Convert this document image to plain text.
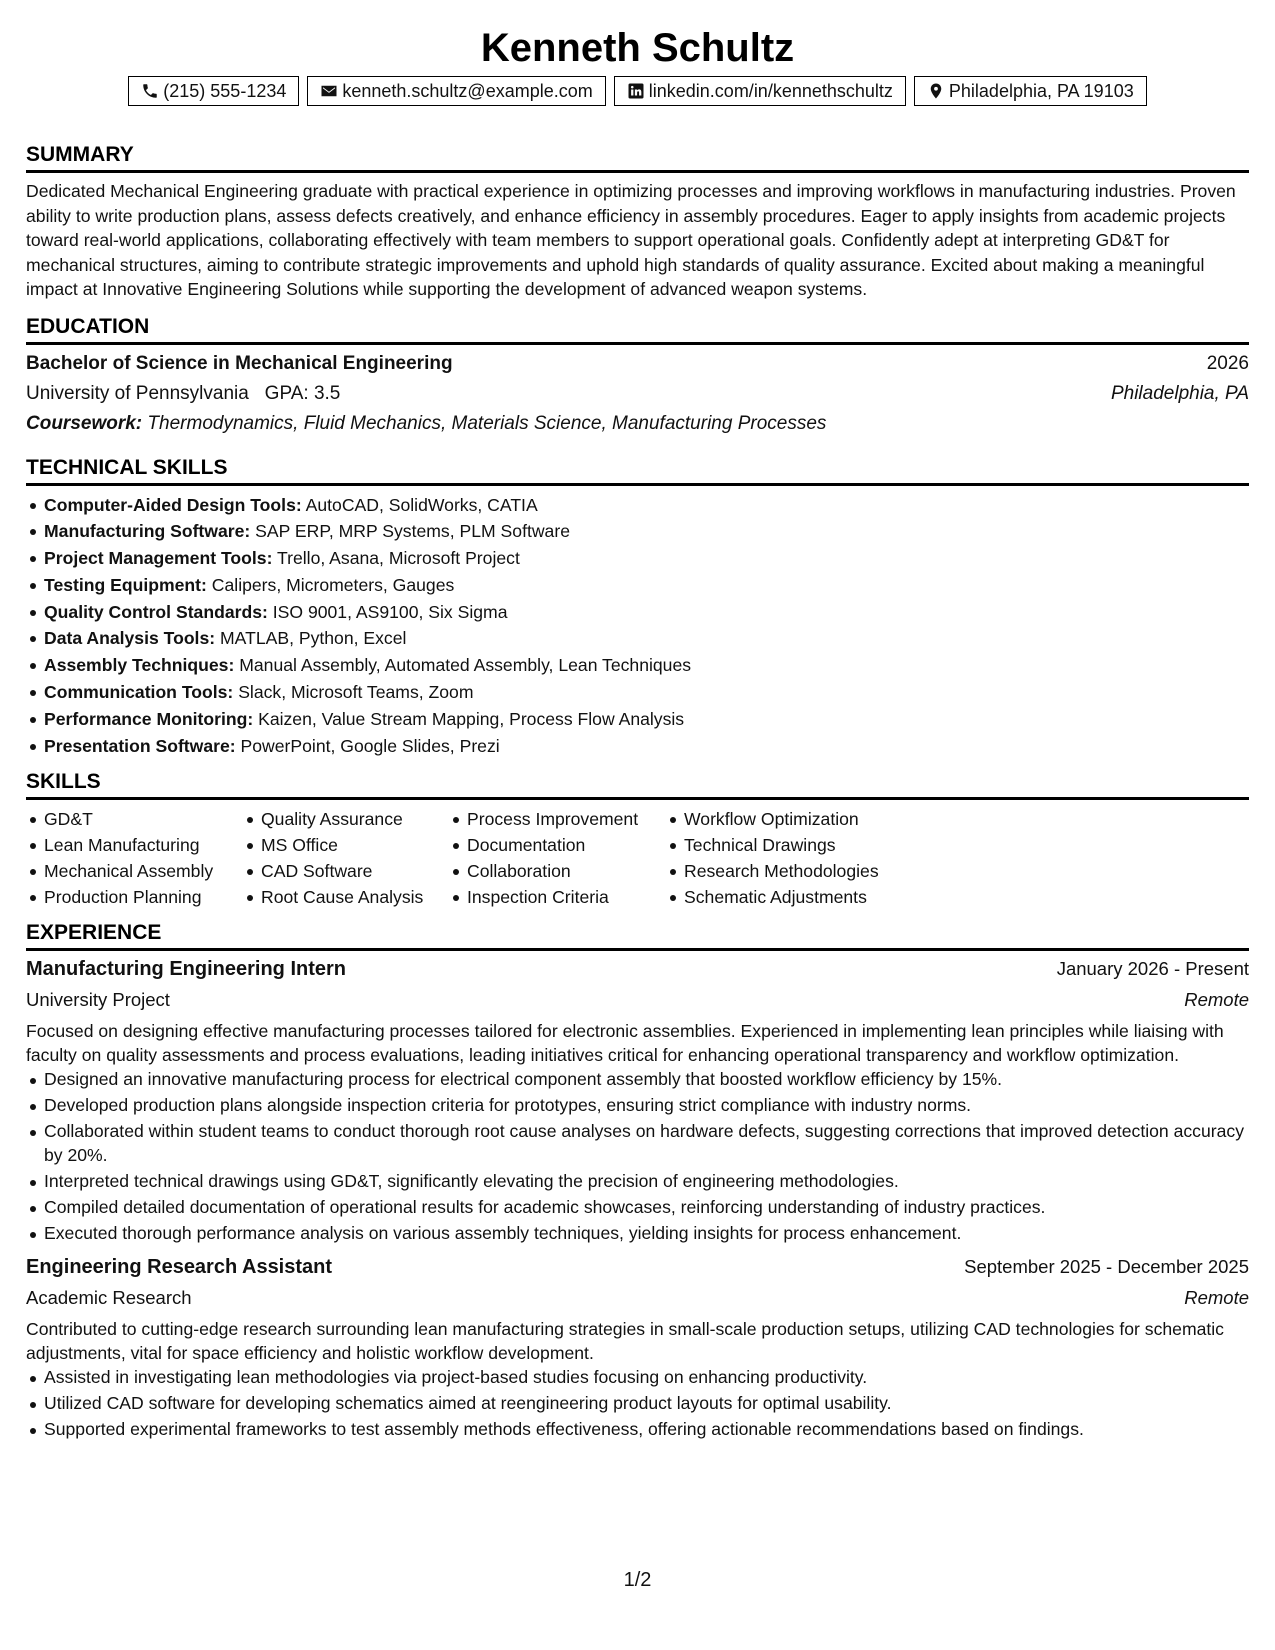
Kenneth Schultz
(215) 555-1234	kenneth.schultz@example.com	linkedin.com/in/kennethschultz	Philadelphia, PA 19103
SUMMARY
Dedicated Mechanical Engineering graduate with practical experience in optimizing processes and improving workflows in manufacturing industries. Proven ability to write production plans, assess defects creatively, and enhance efficiency in assembly procedures. Eager to apply insights from academic projects toward real-world applications, collaborating effectively with team members to support operational goals. Confidently adept at interpreting GD&T for mechanical structures, aiming to contribute strategic improvements and uphold high standards of quality assurance. Excited about making a meaningful impact at Innovative Engineering Solutions while supporting the development of advanced weapon systems.
EDUCATION
Bachelor of Science in Mechanical Engineering	2026
University of Pennsylvania GPA: 3.5	Philadelphia, PA
Coursework: Thermodynamics, Fluid Mechanics, Materials Science, Manufacturing Processes
TECHNICAL SKILLS
Computer-Aided Design Tools: AutoCAD, SolidWorks, CATIA
Manufacturing Software: SAP ERP, MRP Systems, PLM Software
Project Management Tools: Trello, Asana, Microsoft Project
Testing Equipment: Calipers, Micrometers, Gauges
Quality Control Standards: ISO 9001, AS9100, Six Sigma
Data Analysis Tools: MATLAB, Python, Excel
Assembly Techniques: Manual Assembly, Automated Assembly, Lean Techniques
Communication Tools: Slack, Microsoft Teams, Zoom
Performance Monitoring: Kaizen, Value Stream Mapping, Process Flow Analysis
Presentation Software: PowerPoint, Google Slides, Prezi
SKILLS
GD&T
Lean Manufacturing
Mechanical Assembly
Production Planning
Quality Assurance
MS Office
CAD Software
Root Cause Analysis
Process Improvement
Documentation
Collaboration
Inspection Criteria
Workflow Optimization
Technical Drawings
Research Methodologies
Schematic Adjustments
EXPERIENCE
Manufacturing Engineering Intern	January 2026 - Present
University Project	Remote
Focused on designing effective manufacturing processes tailored for electronic assemblies. Experienced in implementing lean principles while liaising with faculty on quality assessments and process evaluations, leading initiatives critical for enhancing operational transparency and workflow optimization.
Designed an innovative manufacturing process for electrical component assembly that boosted workflow efficiency by 15%.
Developed production plans alongside inspection criteria for prototypes, ensuring strict compliance with industry norms.
Collaborated within student teams to conduct thorough root cause analyses on hardware defects, suggesting corrections that improved detection accuracy by 20%.
Interpreted technical drawings using GD&T, significantly elevating the precision of engineering methodologies.
Compiled detailed documentation of operational results for academic showcases, reinforcing understanding of industry practices.
Executed thorough performance analysis on various assembly techniques, yielding insights for process enhancement.
Engineering Research Assistant	September 2025 - December 2025
Academic Research	Remote
Contributed to cutting-edge research surrounding lean manufacturing strategies in small-scale production setups, utilizing CAD technologies for schematic adjustments, vital for space efficiency and holistic workflow development.
Assisted in investigating lean methodologies via project-based studies focusing on enhancing productivity.
Utilized CAD software for developing schematics aimed at reengineering product layouts for optimal usability.
Supported experimental frameworks to test assembly methods effectiveness, offering actionable recommendations based on findings.
1/2
